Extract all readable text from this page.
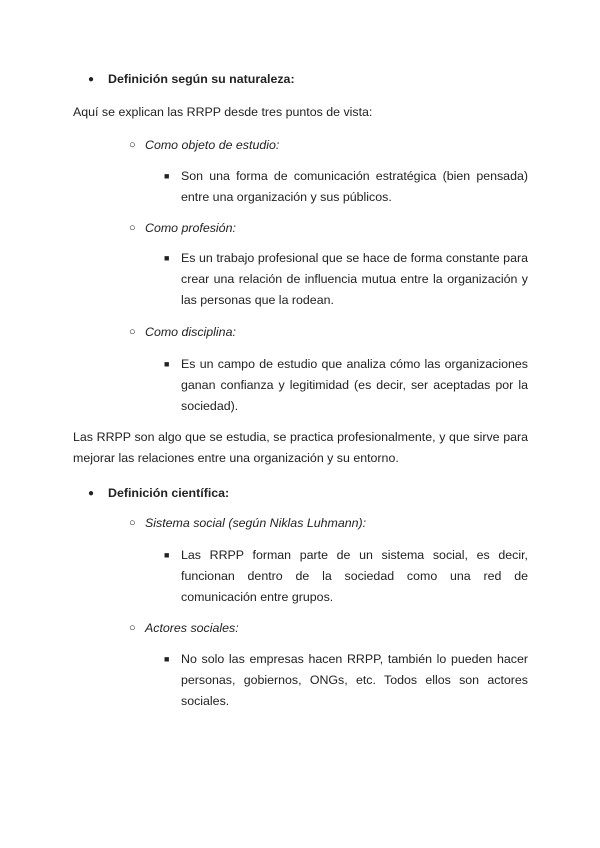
●	Definición según su naturaleza:
Aquí se explican las RRPP desde tres puntos de vista:
○ Como objeto de estudio:
■ Son una forma de comunicación estratégica (bien pensada) entre una organización y sus públicos.
○ Como profesión:
■ Es un trabajo profesional que se hace de forma constante para crear una relación de influencia mutua entre la organización y las personas que la rodean.
○ Como disciplina:
■ Es un campo de estudio que analiza cómo las organizaciones ganan confianza y legitimidad (es decir, ser aceptadas por la sociedad).
Las RRPP son algo que se estudia, se practica profesionalmente, y que sirve para mejorar las relaciones entre una organización y su entorno.
●	Definición científica:
○ Sistema social (según Niklas Luhmann):
■ Las RRPP forman parte de un sistema social, es decir, funcionan dentro de la sociedad como una red de comunicación entre grupos.
○ Actores sociales:
■ No solo las empresas hacen RRPP, también lo pueden hacer personas, gobiernos, ONGs, etc. Todos ellos son actores sociales.
